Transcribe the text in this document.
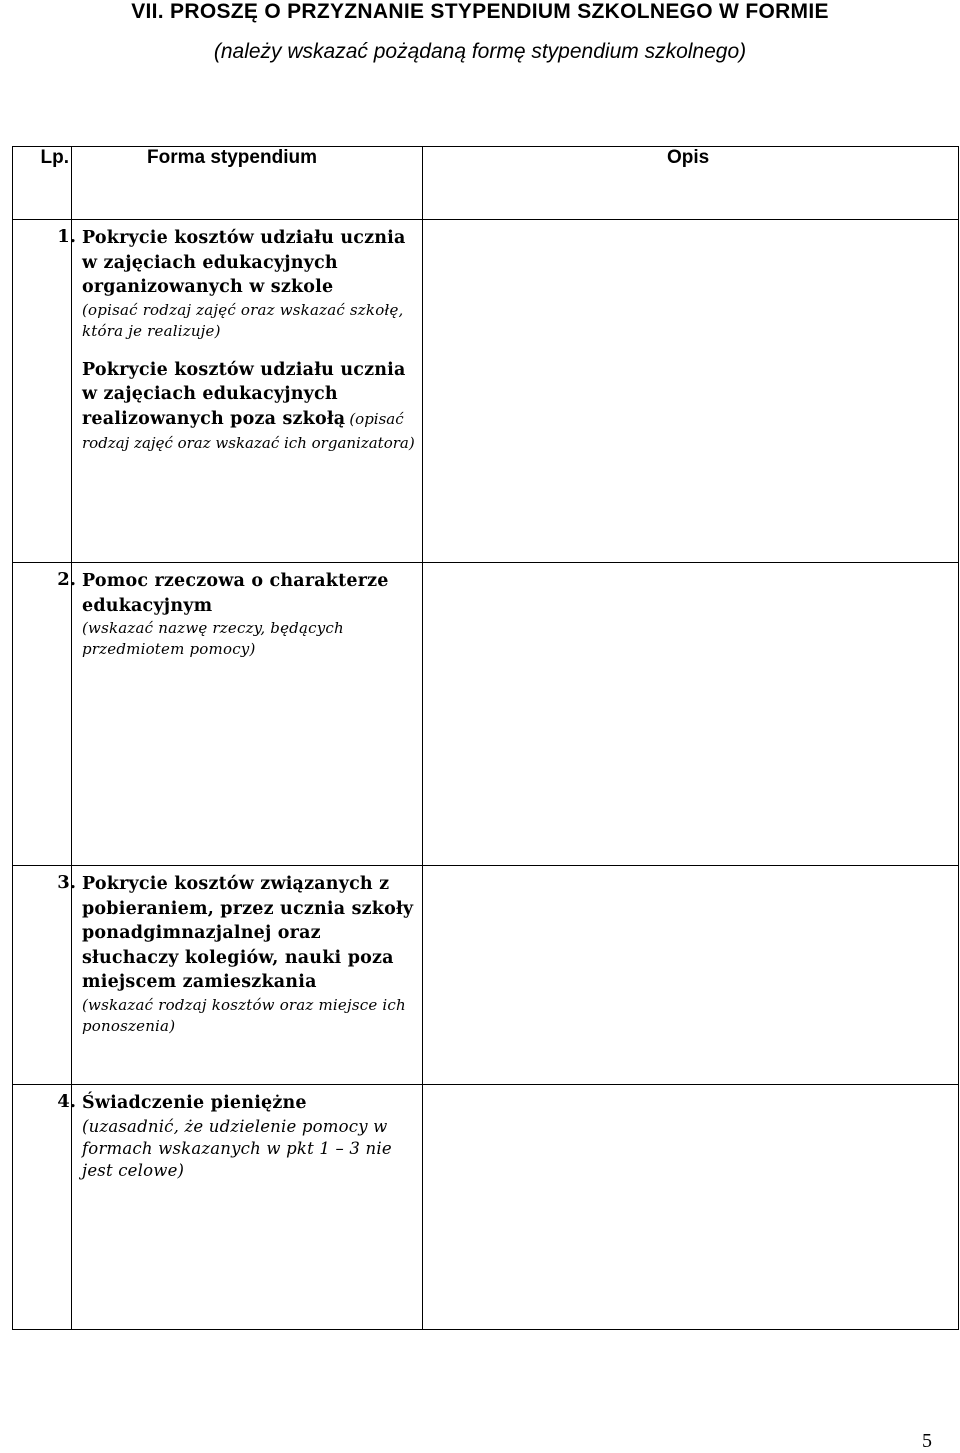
VII. PROSZĘ O PRZYZNANIE STYPENDIUM SZKOLNEGO W FORMIE
(należy wskazać pożądaną formę stypendium szkolnego)
Lp.	Forma stypendium	Opis
1.	Pokrycie kosztów udziału ucznia w zajęciach edukacyjnych organizowanych w szkole
(opisać rodzaj zajęć oraz wskazać szkołę, która je realizuje)
Pokrycie kosztów udziału ucznia w zajęciach edukacyjnych realizowanych poza szkołą (opisać rodzaj zajęć oraz wskazać ich organizatora)	
2.	Pomoc rzeczowa o charakterze edukacyjnym
(wskazać nazwę rzeczy, będących przedmiotem pomocy)	

3.	Pokrycie kosztów związanych z pobieraniem, przez ucznia szkoły ponadgimnazjalnej oraz słuchaczy kolegiów, nauki poza miejscem zamieszkania
(wskazać rodzaj kosztów oraz miejsce ich ponoszenia)	

4.	Świadczenie pieniężne
(uzasadnić, że udzielenie pomocy w formach wskazanych w pkt 1 – 3 nie jest celowe)	

5
